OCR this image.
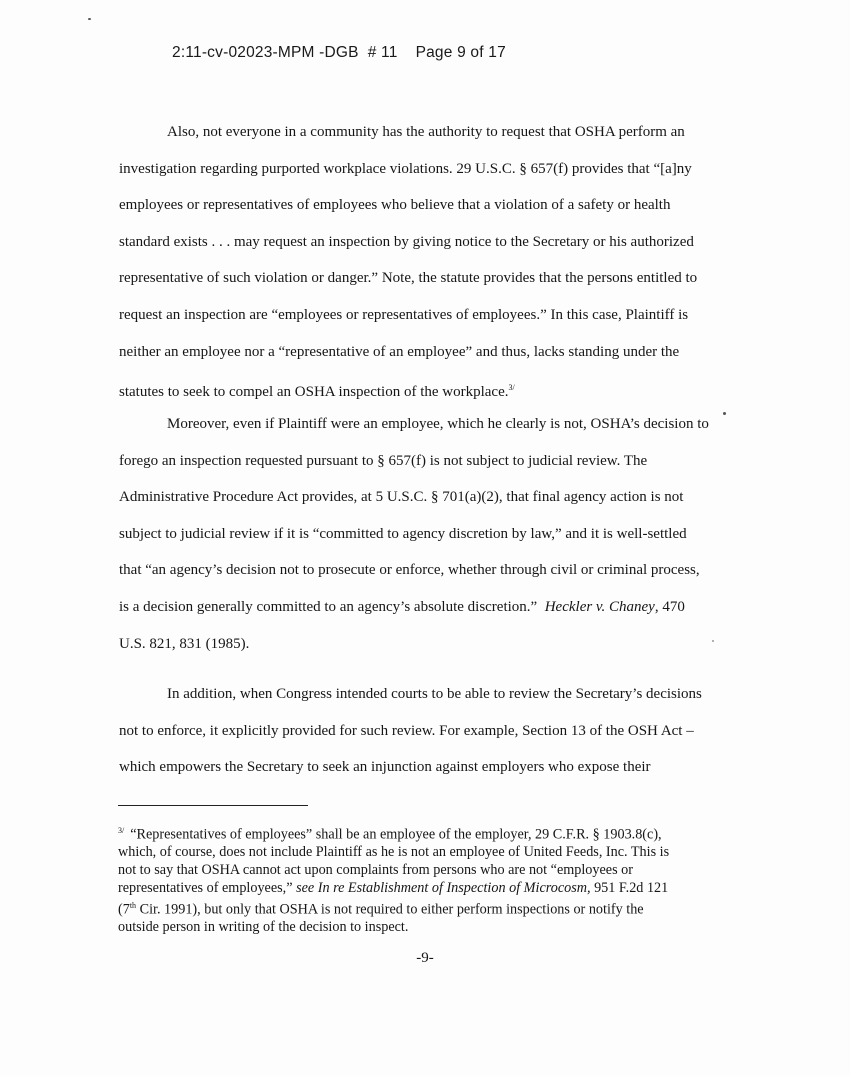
2:11-cv-02023-MPM -DGB  # 11    Page 9 of 17
Also, not everyone in a community has the authority to request that OSHA perform an
investigation regarding purported workplace violations. 29 U.S.C. § 657(f) provides that “[a]ny
employees or representatives of employees who believe that a violation of a safety or health
standard exists . . . may request an inspection by giving notice to the Secretary or his authorized
representative of such violation or danger.” Note, the statute provides that the persons entitled to
request an inspection are “employees or representatives of employees.” In this case, Plaintiff is
neither an employee nor a “representative of an employee” and thus, lacks standing under the
statutes to seek to compel an OSHA inspection of the workplace.$^{3/}$
Moreover, even if Plaintiff were an employee, which he clearly is not, OSHA’s decision to
forego an inspection requested pursuant to § 657(f) is not subject to judicial review. The
Administrative Procedure Act provides, at 5 U.S.C. § 701(a)(2), that final agency action is not
subject to judicial review if it is “committed to agency discretion by law,” and it is well-settled
that “an agency’s decision not to prosecute or enforce, whether through civil or criminal process,
is a decision generally committed to an agency’s absolute discretion.” Heckler v. Chaney, 470
U.S. 821, 831 (1985).
In addition, when Congress intended courts to be able to review the Secretary’s decisions
not to enforce, it explicitly provided for such review. For example, Section 13 of the OSH Act –
which empowers the Secretary to seek an injunction against employers who expose their
$^{3/}$ “Representatives of employees” shall be an employee of the employer, 29 C.F.R. § 1903.8(c),
which, of course, does not include Plaintiff as he is not an employee of United Feeds, Inc. This is
not to say that OSHA cannot act upon complaints from persons who are not “employees or
representatives of employees,” see In re Establishment of Inspection of Microcosm, 951 F.2d 121
(7th Cir. 1991), but only that OSHA is not required to either perform inspections or notify the
outside person in writing of the decision to inspect.
-9-
